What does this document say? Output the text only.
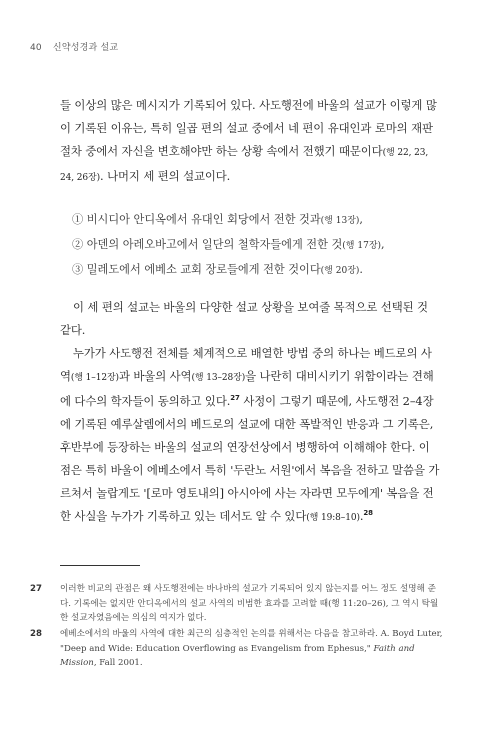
40 신약성경과 설교

들 이상의 많은 메시지가 기록되어 있다. 사도행전에 바울의 설교가 이렇게 많이 기록된 이유는, 특히 일곱 편의 설교 중에서 네 편이 유대인과 로마의 재판 절차 중에서 자신을 변호해야만 하는 상황 속에서 전했기 때문이다(행 22, 23, 24, 26장). 나머지 세 편의 설교이다.

① 비시디아 안디옥에서 유대인 회당에서 전한 것과(행 13장),
② 아덴의 아레오바고에서 일단의 철학자들에게 전한 것(행 17장),
③ 밀레도에서 에베소 교회 장로들에게 전한 것이다(행 20장).

이 세 편의 설교는 바울의 다양한 설교 상황을 보여줄 목적으로 선택된 것 같다.

누가가 사도행전 전체를 체계적으로 배열한 방법 중의 하나는 베드로의 사역(행 1–12장)과 바울의 사역(행 13–28장)을 나란히 대비시키기 위함이라는 견해에 다수의 학자들이 동의하고 있다.$^{27}$ 사정이 그렇기 때문에, 사도행전 2–4장에 기록된 예루살렘에서의 베드로의 설교에 대한 폭발적인 반응과 그 기록은, 후반부에 등장하는 바울의 설교의 연장선상에서 병행하여 이해해야 한다. 이 점은 특히 바울이 에베소에서 특히 '두란노 서원'에서 복음을 전하고 말씀을 가르쳐서 놀랍게도 '[로마 영토내의] 아시아에 사는 자라면 모두에게' 복음을 전한 사실을 누가가 기록하고 있는 데서도 알 수 있다(행 19:8–10).$^{28}$
27 이러한 비교의 관점은 왜 사도행전에는 바나바의 설교가 기록되어 있지 않는지를 어느 정도 설명해 준다. 기록에는 없지만 안디옥에서의 설교 사역의 비범한 효과를 고려할 때(행 11:20–26), 그 역시 탁월한 설교자였음에는 의심의 여지가 없다.
28 에베소에서의 바울의 사역에 대한 최근의 심층적인 논의를 위해서는 다음을 참고하라. A. Boyd Luter, "Deep and Wide: Education Overflowing as Evangelism from Ephesus," Faith and Mission, Fall 2001.
